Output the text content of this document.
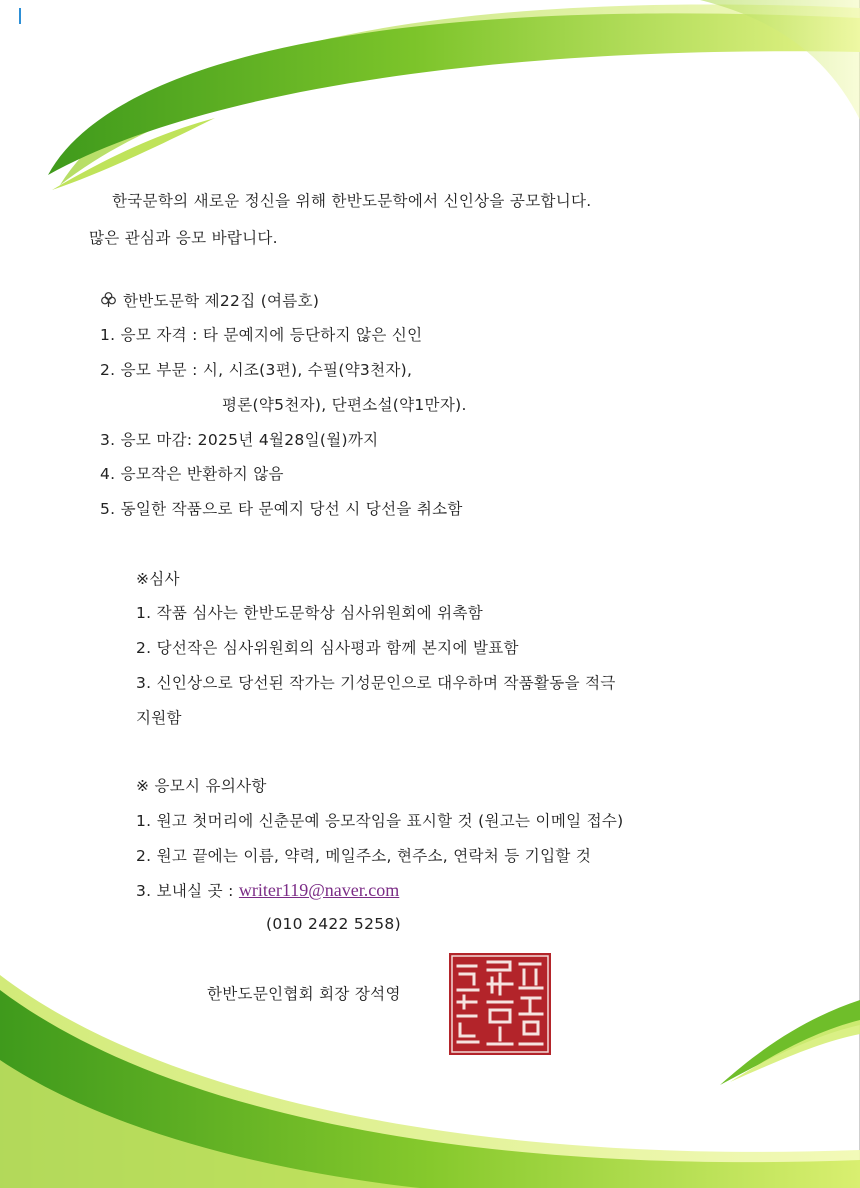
한국문학의 새로운 정신을 위해 한반도문학에서 신인상을 공모합니다.
많은 관심과 응모 바랍니다.
한반도문학 제22집 (여름호)
1. 응모 자격 : 타 문예지에 등단하지 않은 신인
2. 응모 부문 : 시, 시조(3편), 수필(약3천자),
평론(약5천자), 단편소설(약1만자).
3. 응모 마감: 2025년 4월28일(월)까지
4. 응모작은 반환하지 않음
5. 동일한 작품으로 타 문예지 당선 시 당선을 취소함
※심사
1. 작품 심사는 한반도문학상 심사위원회에 위촉함
2. 당선작은 심사위원회의 심사평과 함께 본지에 발표함
3. 신인상으로 당선된 작가는 기성문인으로 대우하며 작품활동을 적극
지원함
※ 응모시 유의사항
1. 원고 첫머리에 신춘문예 응모작임을 표시할 것 (원고는 이메일 접수)
2. 원고 끝에는 이름, 약력, 메일주소, 현주소, 연락처 등 기입할 것
3. 보내실 곳 : writer119@naver.com
(010 2422 5258)
한반도문인협회 회장 장석영
